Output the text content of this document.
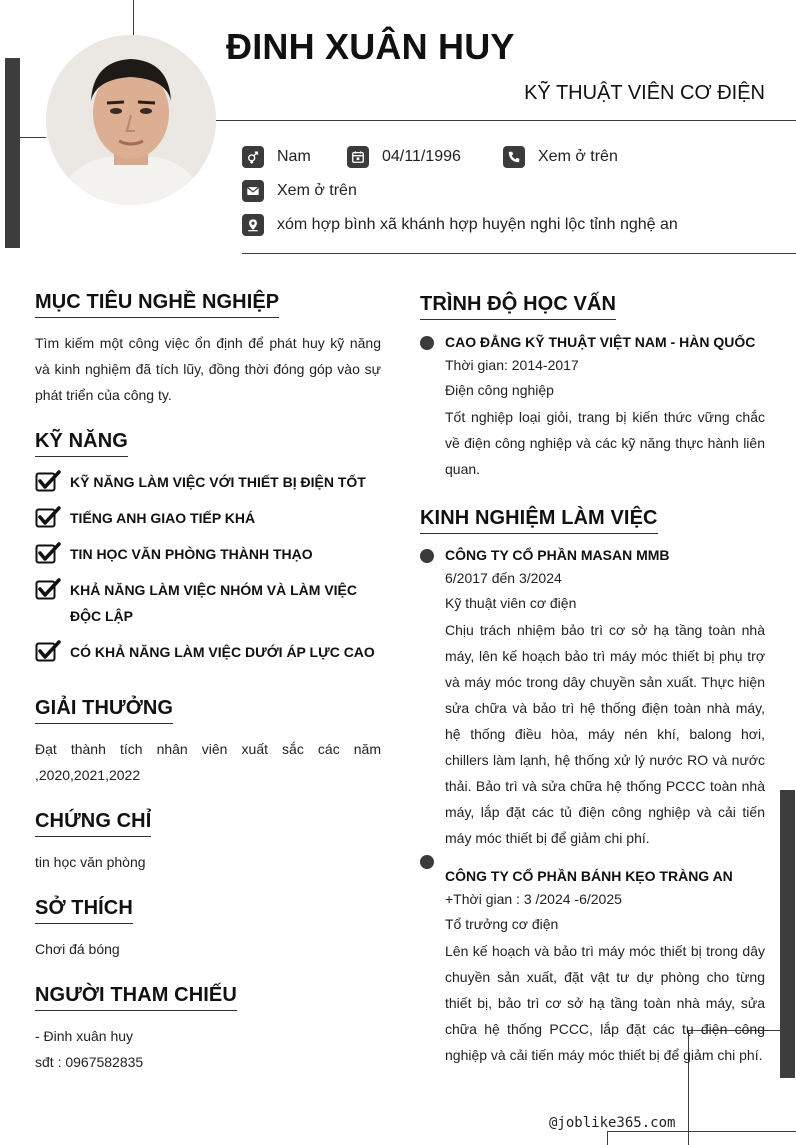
ĐINH XUÂN HUY
KỸ THUẬT VIÊN CƠ ĐIỆN
Nam	04/11/1996	Xem ở trên
Xem ở trên
xóm hợp bình xã khánh hợp huyện nghi lộc tỉnh nghệ an
MỤC TIÊU NGHỀ NGHIỆP
Tìm kiếm một công việc ổn định để phát huy kỹ năng và kinh nghiệm đã tích lũy, đồng thời đóng góp vào sự phát triển của công ty.
KỸ NĂNG
KỸ NĂNG LÀM VIỆC VỚI THIẾT BỊ ĐIỆN TỐT
TIẾNG ANH GIAO TIẾP KHÁ
TIN HỌC VĂN PHÒNG THÀNH THẠO
KHẢ NĂNG LÀM VIỆC NHÓM VÀ LÀM VIỆC ĐỘC LẬP
CÓ KHẢ NĂNG LÀM VIỆC DƯỚI ÁP LỰC CAO
GIẢI THƯỞNG
Đạt thành tích nhân viên xuất sắc các năm ,2020,2021,2022
CHỨNG CHỈ
tin học văn phòng
SỞ THÍCH
Chơi đá bóng
NGƯỜI THAM CHIẾU
- Đinh xuân huy
sđt : 0967582835
TRÌNH ĐỘ HỌC VẤN
CAO ĐẲNG KỸ THUẬT VIỆT NAM - HÀN QUỐC
Thời gian: 2014-2017
Điện công nghiệp
Tốt nghiệp loại giỏi, trang bị kiến thức vững chắc về điện công nghiệp và các kỹ năng thực hành liên quan.
KINH NGHIỆM LÀM VIỆC
CÔNG TY CỔ PHẦN MASAN MMB
6/2017 đến 3/2024
Kỹ thuật viên cơ điện
Chịu trách nhiệm bảo trì cơ sở hạ tầng toàn nhà máy, lên kế hoạch bảo trì máy móc thiết bị phụ trợ và máy móc trong dây chuyền sản xuất. Thực hiện sửa chữa và bảo trì hệ thống điện toàn nhà máy, hệ thống điều hòa, máy nén khí, balong hơi, chillers làm lạnh, hệ thống xử lý nước RO và nước thải. Bảo trì và sửa chữa hệ thống PCCC toàn nhà máy, lắp đặt các tủ điện công nghiệp và cải tiến máy móc thiết bị để giảm chi phí.
CÔNG TY CỔ PHẦN BÁNH KẸO TRÀNG AN
+Thời gian : 3 /2024 -6/2025
Tổ trưởng cơ điện
Lên kế hoạch và bảo trì máy móc thiết bị trong dây chuyền sản xuất, đặt vật tư dự phòng cho từng thiết bị, bảo trì cơ sở hạ tầng toàn nhà máy, sửa chữa hệ thống PCCC, lắp đặt các tụ điện công nghiệp và cải tiến máy móc thiết bị để giảm chi phí.
@joblike365.com
